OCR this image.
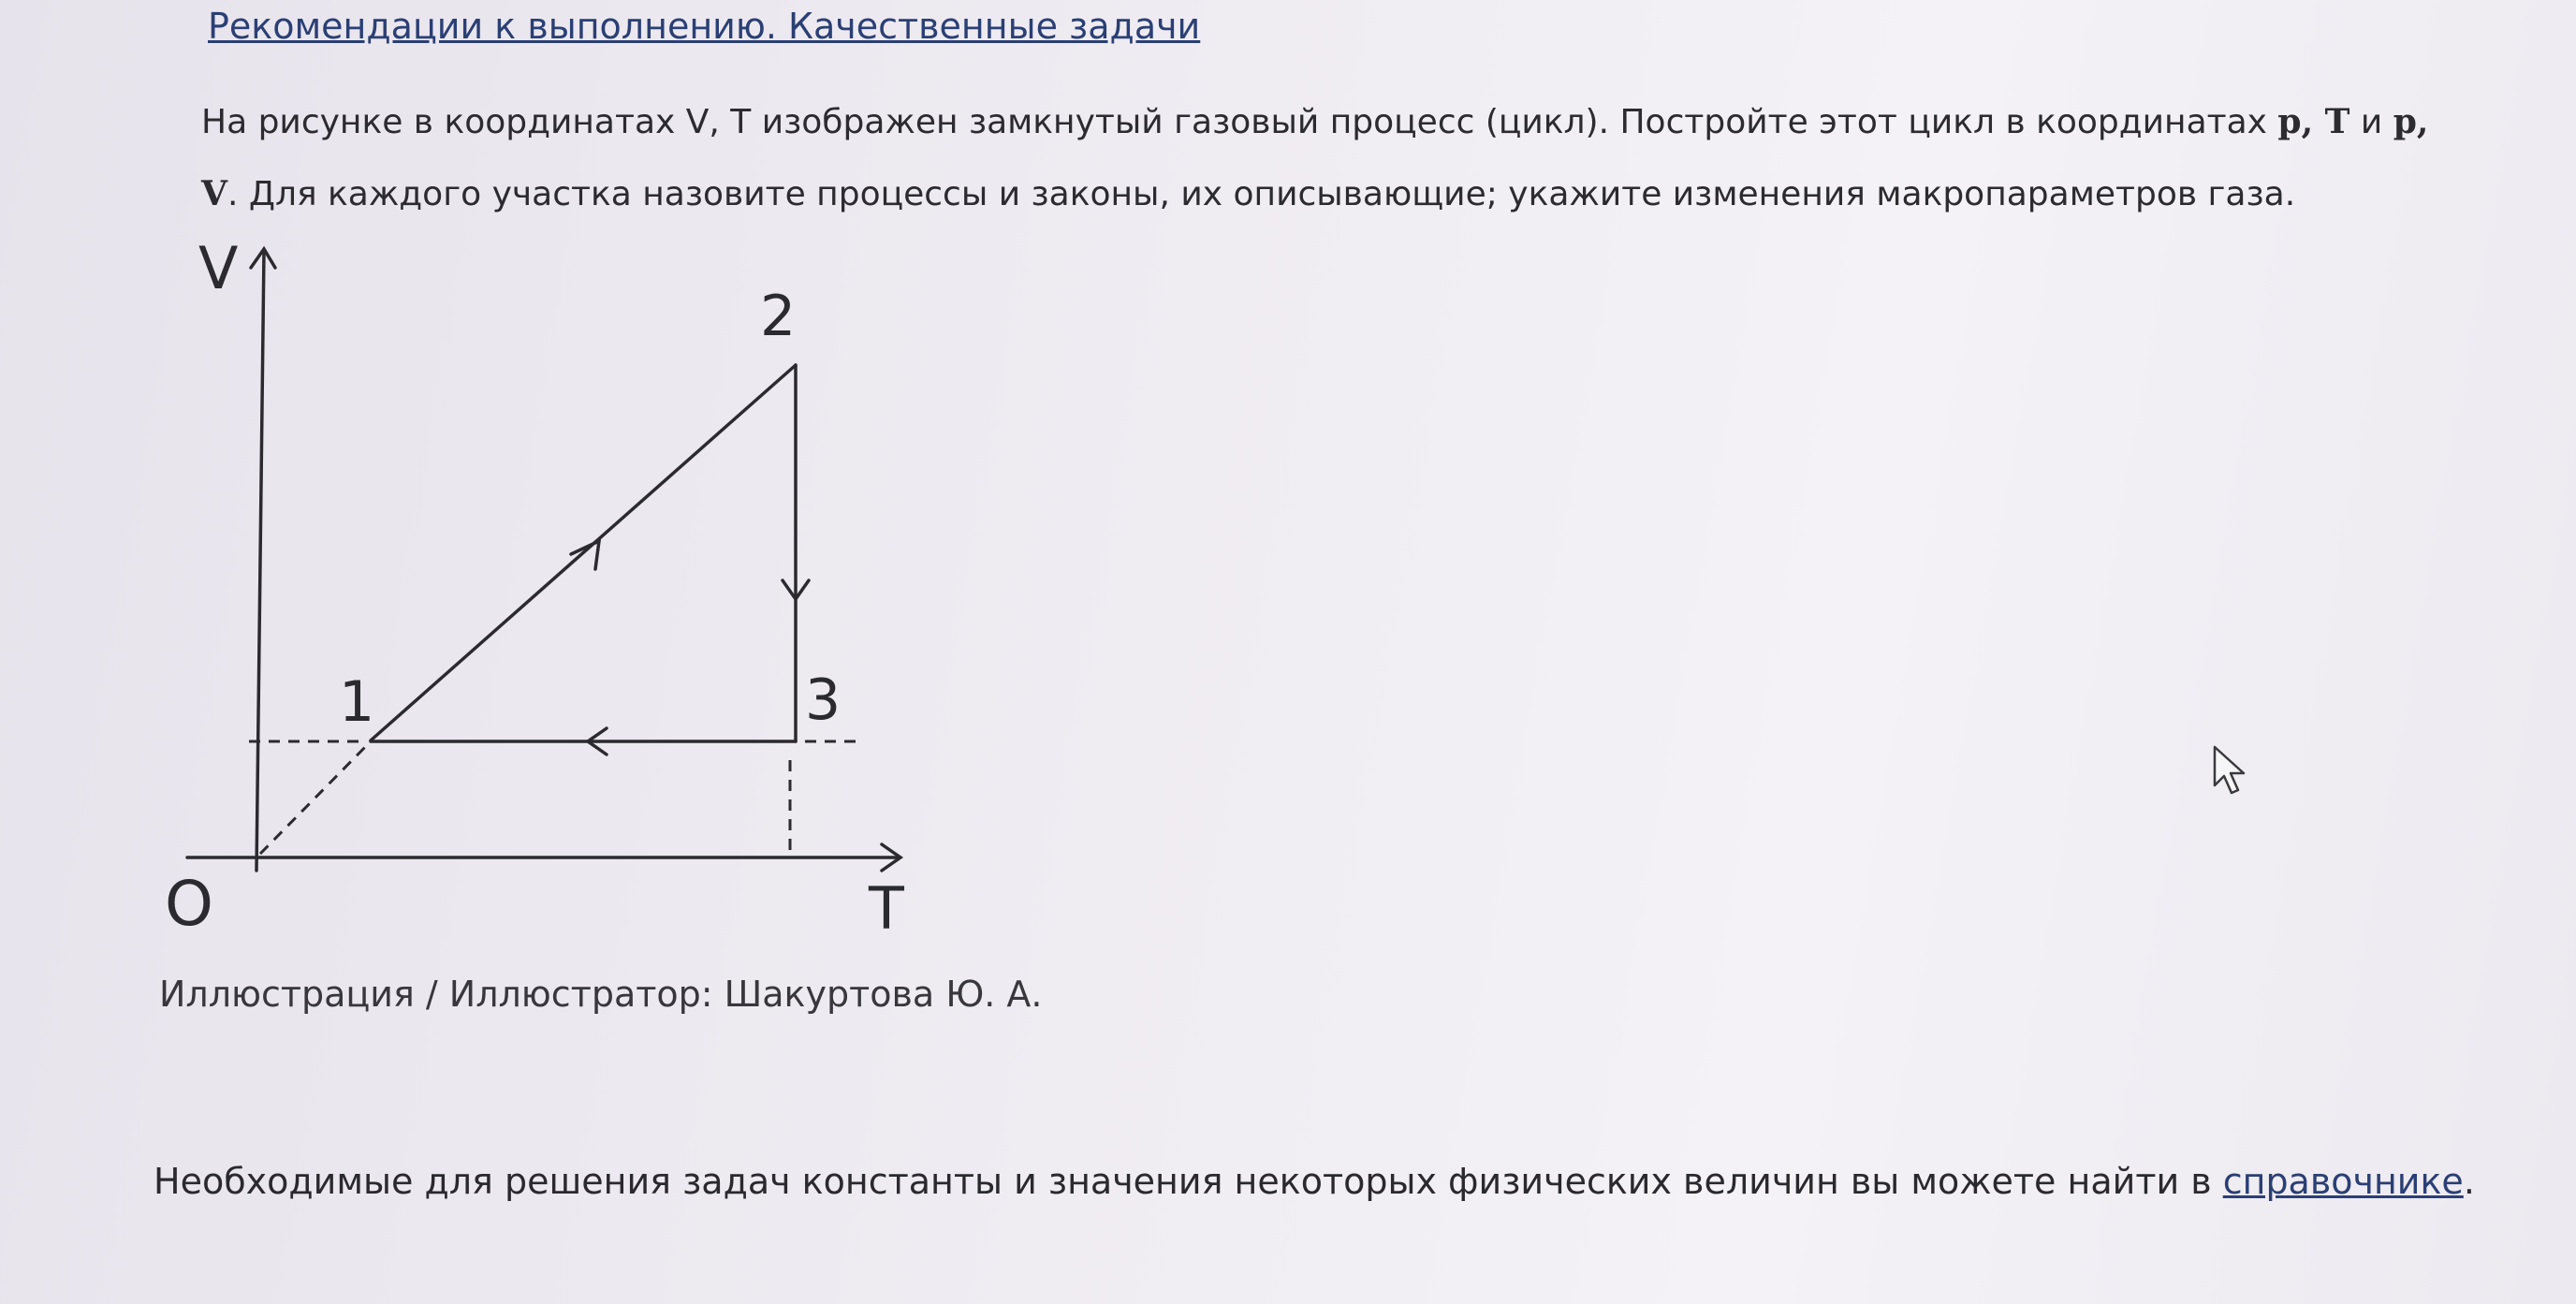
Рекомендации к выполнению. Качественные задачи
На рисунке в координатах V, T изображен замкнутый газовый процесс (цикл). Постройте этот цикл в координатах p, T и p, V. Для каждого участка назовите процессы и законы, их описывающие; укажите изменения макропараметров газа.
V
T
O
1
2
3
Иллюстрация / Иллюстратор: Шакуртова Ю. А.
Необходимые для решения задач константы и значения некоторых физических величин вы можете найти в справочнике.
